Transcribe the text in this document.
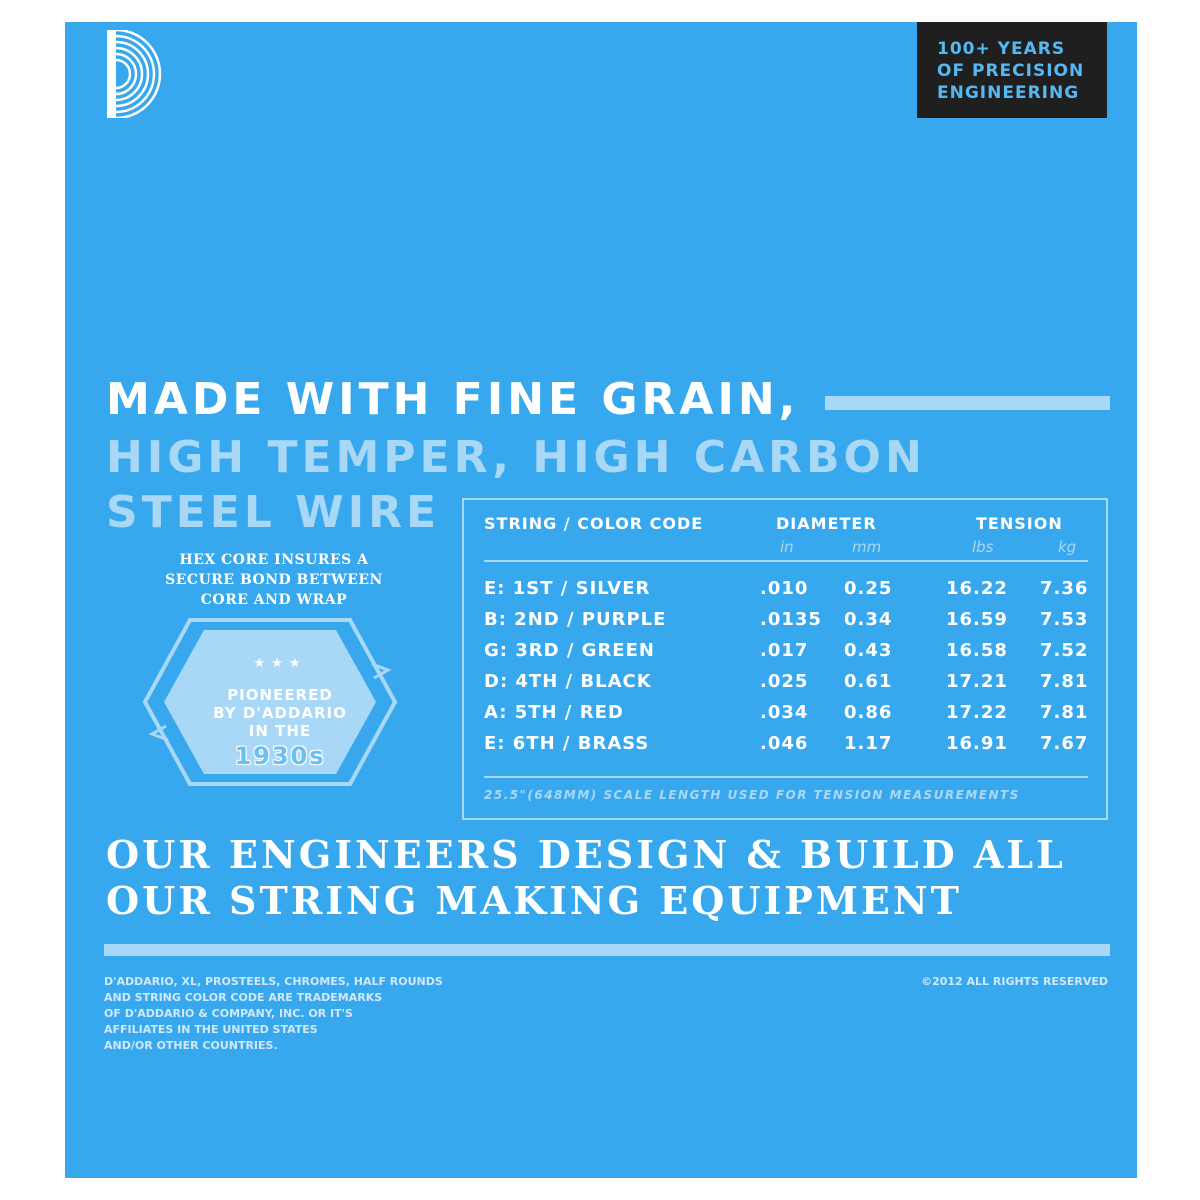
100+ YEARS
OF PRECISION
ENGINEERING
MADE WITH FINE GRAIN,
HIGH TEMPER, HIGH CARBON
STEEL WIRE
HEX CORE INSURES A
SECURE BOND BETWEEN
CORE AND WRAP
★★★
PIONEERED
BY D'ADDARIO
IN THE
1930s
STRING / COLOR CODE	DIAMETER	TENSION
in	mm	lbs	kg
E: 1ST / SILVER	.010 0.25	16.22 7.36
B: 2ND / PURPLE	.0135 0.34	16.59 7.53
G: 3RD / GREEN	.017 0.43	16.58 7.52
D: 4TH / BLACK	.025 0.61	17.21 7.81
A: 5TH / RED	.034 0.86	17.22 7.81
E: 6TH / BRASS	.046 1.17	16.91 7.67
25.5"(648MM) SCALE LENGTH USED FOR TENSION MEASUREMENTS
OUR ENGINEERS DESIGN & BUILD ALL
OUR STRING MAKING EQUIPMENT
D'ADDARIO, XL, PROSTEELS, CHROMES, HALF ROUNDS
AND STRING COLOR CODE ARE TRADEMARKS
OF D'ADDARIO & COMPANY, INC. OR IT'S
AFFILIATES IN THE UNITED STATES
AND/OR OTHER COUNTRIES.
©2012 ALL RIGHTS RESERVED
